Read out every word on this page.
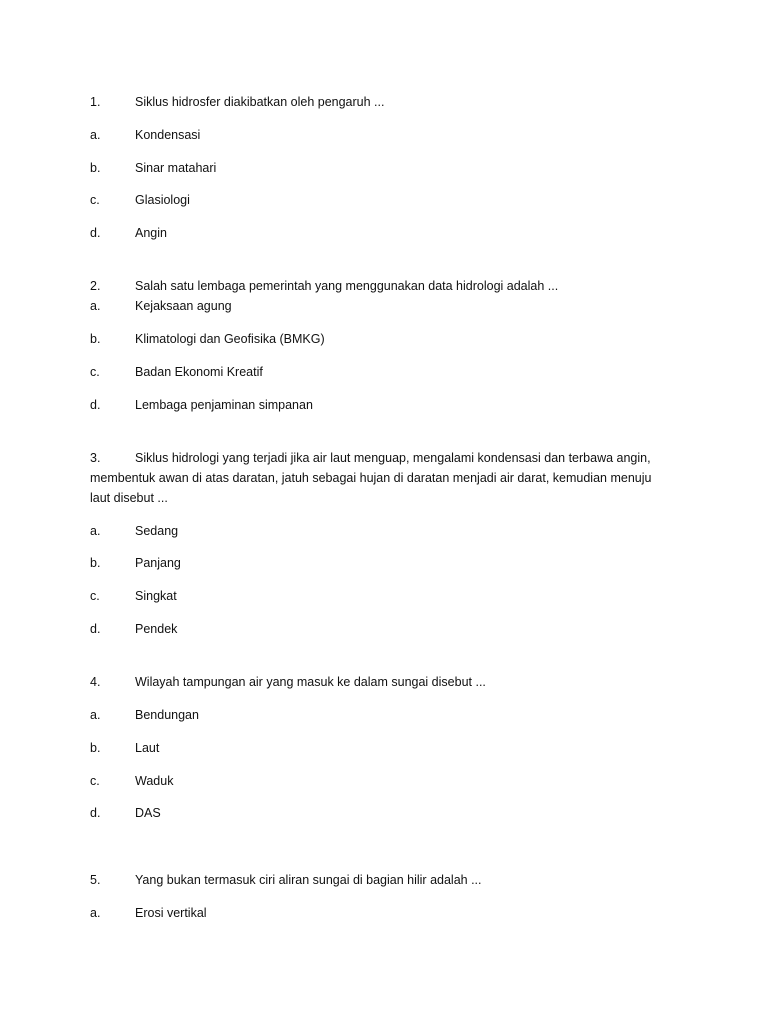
1.	Siklus hidrosfer diakibatkan oleh pengaruh ...
a.	Kondensasi
b.	Sinar matahari
c.	Glasiologi
d.	Angin
2.	Salah satu lembaga pemerintah yang menggunakan data hidrologi adalah ...
a.	Kejaksaan agung
b.	Klimatologi dan Geofisika (BMKG)
c.	Badan Ekonomi Kreatif
d.	Lembaga penjaminan simpanan
3.	Siklus hidrologi yang terjadi jika air laut menguap, mengalami kondensasi dan terbawa angin,
membentuk awan di atas daratan, jatuh sebagai hujan di daratan menjadi air darat, kemudian menuju
laut disebut ...
a.	Sedang
b.	Panjang
c.	Singkat
d.	Pendek
4.	Wilayah tampungan air yang masuk ke dalam sungai disebut ...
a.	Bendungan
b.	Laut
c.	Waduk
d.	DAS
5.	Yang bukan termasuk ciri aliran sungai di bagian hilir adalah ...
a.	Erosi vertikal
